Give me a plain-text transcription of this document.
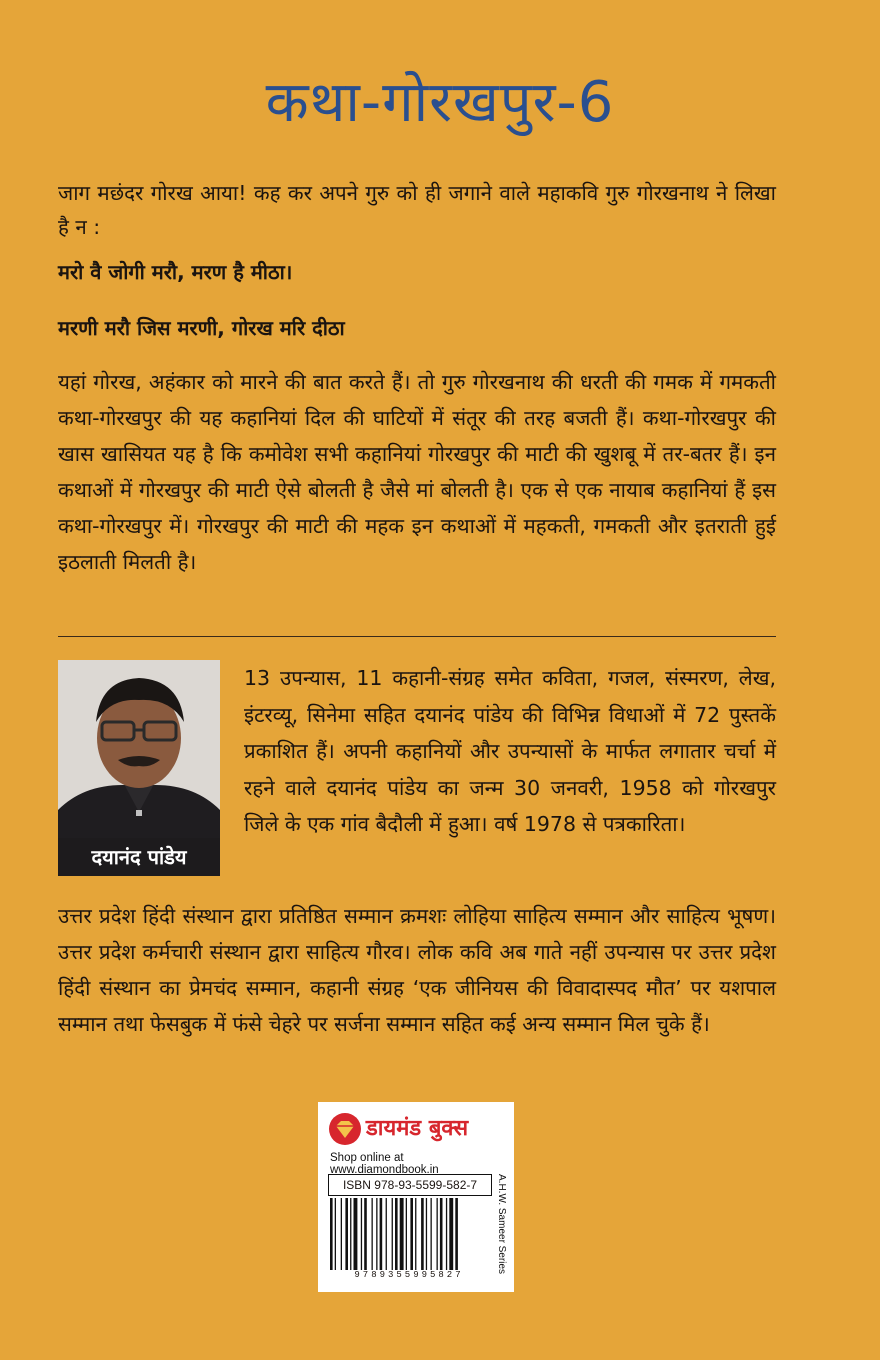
कथा-गोरखपुर-6
जाग मछंदर गोरख आया! कह कर अपने गुरु को ही जगाने वाले महाकवि गुरु गोरखनाथ ने लिखा है न :
मरो वै जोगी मरौ, मरण है मीठा।
मरणी मरौ जिस मरणी, गोरख मरि दीठा
यहां गोरख, अहंकार को मारने की बात करते हैं। तो गुरु गोरखनाथ की धरती की गमक में गमकती कथा-गोरखपुर की यह कहानियां दिल की घाटियों में संतूर की तरह बजती हैं। कथा-गोरखपुर की खास खासियत यह है कि कमोवेश सभी कहानियां गोरखपुर की माटी की खुशबू में तर-बतर हैं। इन कथाओं में गोरखपुर की माटी ऐसे बोलती है जैसे मां बोलती है। एक से एक नायाब कहानियां हैं इस कथा-गोरखपुर में। गोरखपुर की माटी की महक इन कथाओं में महकती, गमकती और इतराती हुई इठलाती मिलती है।
दयानंद पांडेय
13 उपन्यास, 11 कहानी-संग्रह समेत कविता, गजल, संस्मरण, लेख, इंटरव्यू, सिनेमा सहित दयानंद पांडेय की विभिन्न विधाओं में 72 पुस्तकें प्रकाशित हैं। अपनी कहानियों और उपन्यासों के मार्फत लगातार चर्चा में रहने वाले दयानंद पांडेय का जन्म 30 जनवरी, 1958 को गोरखपुर जिले के एक गांव बैदौली में हुआ। वर्ष 1978 से पत्रकारिता।
उत्तर प्रदेश हिंदी संस्थान द्वारा प्रतिष्ठित सम्मान क्रमशः लोहिया साहित्य सम्मान और साहित्य भूषण। उत्तर प्रदेश कर्मचारी संस्थान द्वारा साहित्य गौरव। लोक कवि अब गाते नहीं उपन्यास पर उत्तर प्रदेश हिंदी संस्थान का प्रेमचंद सम्मान, कहानी संग्रह ‘एक जीनियस की विवादास्पद मौत’ पर यशपाल सम्मान तथा फेसबुक में फंसे चेहरे पर सर्जना सम्मान सहित कई अन्य सम्मान मिल चुके हैं।
डायमंड बुक्स
Shop online at www.diamondbook.in
ISBN 978-93-5599-582-7
9789355995827
A.H.W. Sameer Series
